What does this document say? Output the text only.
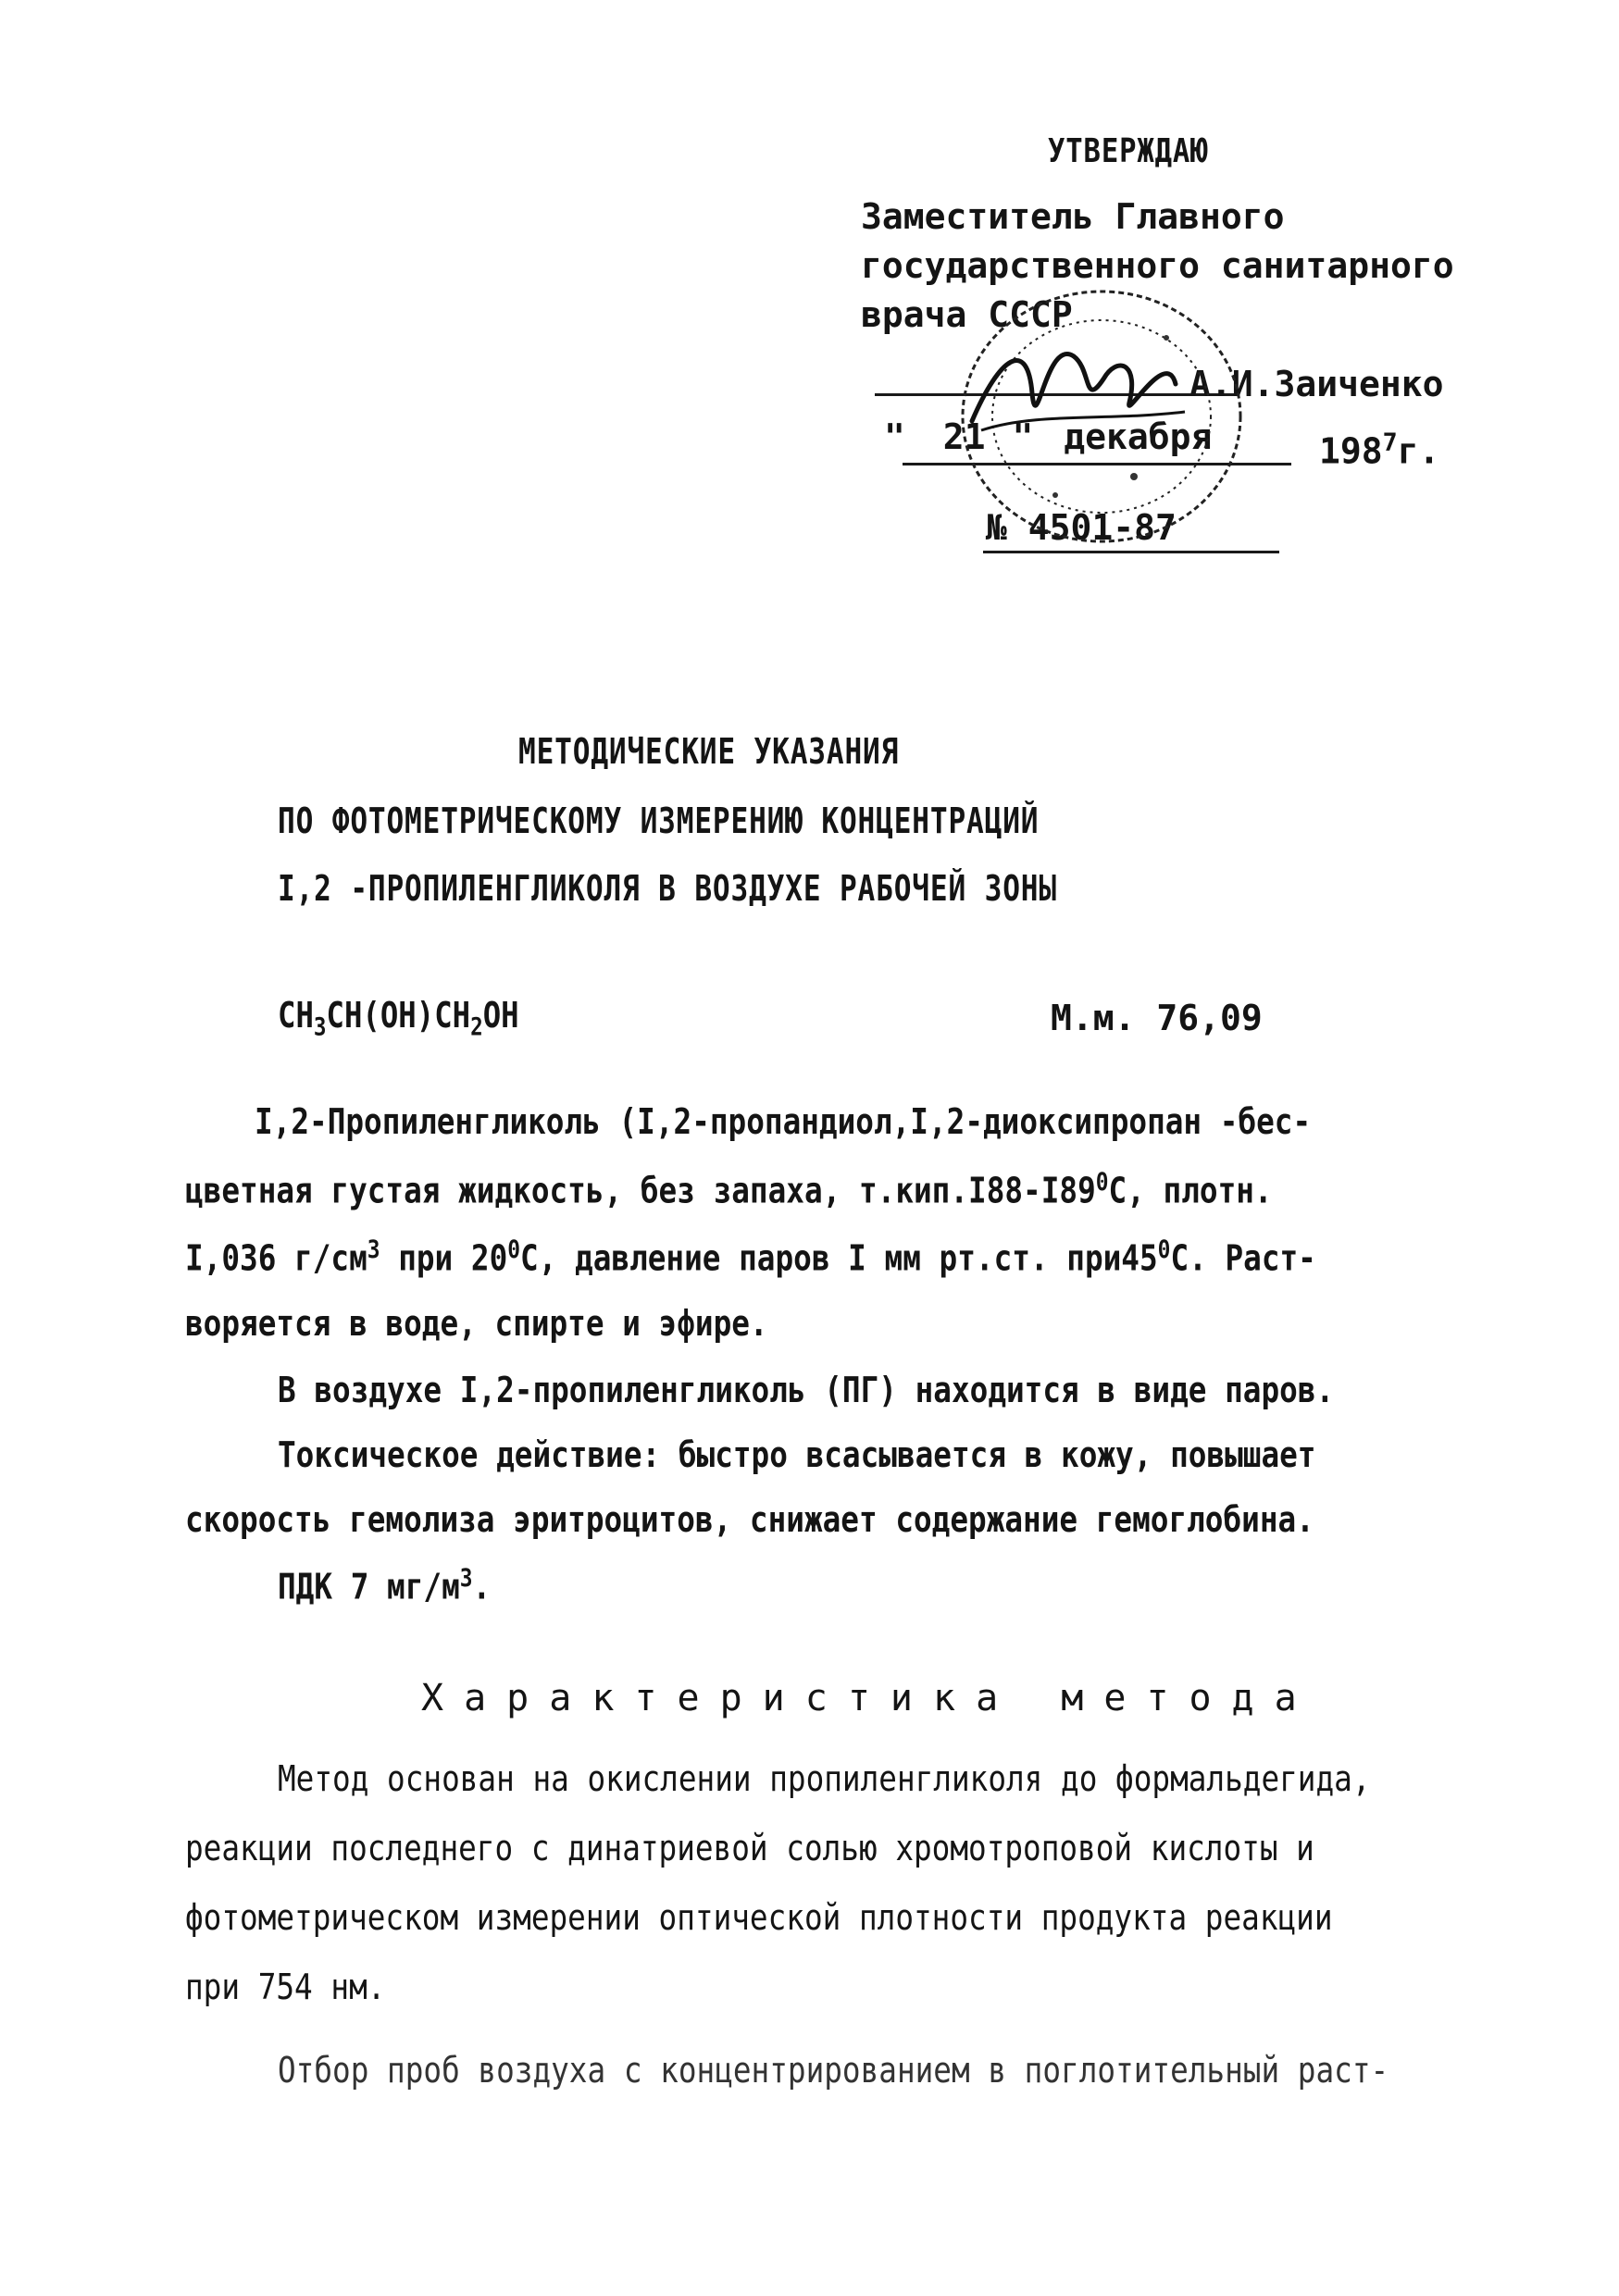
УТВЕРЖДАЮ
Заместитель Главного
государственного санитарного
врача СССР
А.И.Заиченко
" 21 " декабря	$198^7г$.
№ 4501-87
МЕТОДИЧЕСКИЕ УКАЗАНИЯ
ПО ФОТОМЕТРИЧЕСКОМУ ИЗМЕРЕНИЮ КОНЦЕНТРАЦИЙ
I,2 -ПРОПИЛЕНГЛИКОЛЯ В ВОЗДУХЕ РАБОЧЕЙ ЗОНЫ
$CH_3CH(OH)CH_2OH$	М.м. 76,09
I,2-Пропиленгликоль (I,2-пропандиол,I,2-диоксипропан -бес-
цветная густая жидкость, без запаха, $т.кип.I88-I89^0С$, плотн.
I,036 $г/см^3$ при $20^0С$, давление паров I мм рт.ст. $при45^0С$. Раст-
воряется в воде, спирте и эфире.
В воздухе I,2-пропиленгликоль (ПГ) находится в виде паров.
Токсическое действие: быстро всасывается в кожу, повышает
скорость гемолиза эритроцитов, снижает содержание гемоглобина.
ПДК 7 $мг/м^3$.
Характеристика метода
Метод основан на окислении пропиленгликоля до формальдегида,
реакции последнего с динатриевой солью хромотроповой кислоты и
фотометрическом измерении оптической плотности продукта реакции
при 754 нм.
Отбор проб воздуха с концентрированием в поглотительный раст-
